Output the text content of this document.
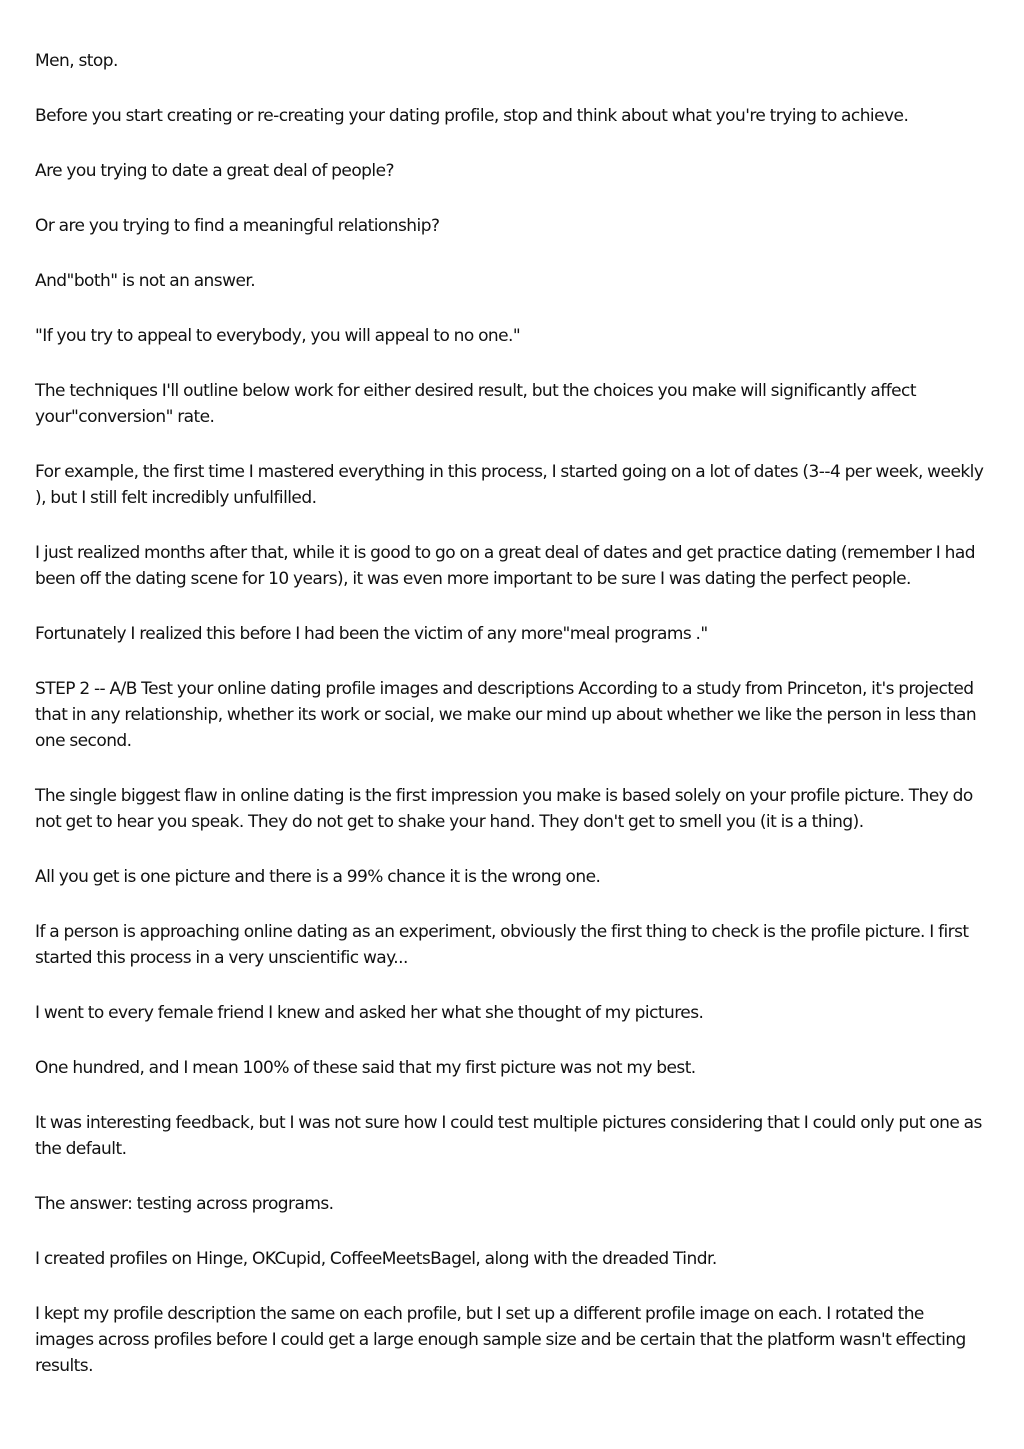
Men, stop.

Before you start creating or re-creating your dating profile, stop and think about what you're trying to achieve.

Are you trying to date a great deal of people?

Or are you trying to find a meaningful relationship?

And"both" is not an answer.

"If you try to appeal to everybody, you will appeal to no one."

The techniques I'll outline below work for either desired result, but the choices you make will significantly affect your"conversion" rate.

For example, the first time I mastered everything in this process, I started going on a lot of dates (3--4 per week, weekly ), but I still felt incredibly unfulfilled.

I just realized months after that, while it is good to go on a great deal of dates and get practice dating (remember I had been off the dating scene for 10 years), it was even more important to be sure I was dating the perfect people.

Fortunately I realized this before I had been the victim of any more"meal programs ."

STEP 2 -- A/B Test your online dating profile images and descriptions According to a study from Princeton, it's projected that in any relationship, whether its work or social, we make our mind up about whether we like the person in less than one second.

The single biggest flaw in online dating is the first impression you make is based solely on your profile picture. They do not get to hear you speak. They do not get to shake your hand. They don't get to smell you (it is a thing).

All you get is one picture and there is a 99% chance it is the wrong one.

If a person is approaching online dating as an experiment, obviously the first thing to check is the profile picture. I first started this process in a very unscientific way...

I went to every female friend I knew and asked her what she thought of my pictures.

One hundred, and I mean 100% of these said that my first picture was not my best.

It was interesting feedback, but I was not sure how I could test multiple pictures considering that I could only put one as the default.

The answer: testing across programs.

I created profiles on Hinge, OKCupid, CoffeeMeetsBagel, along with the dreaded Tindr.

I kept my profile description the same on each profile, but I set up a different profile image on each. I rotated the images across profiles before I could get a large enough sample size and be certain that the platform wasn't effecting results.
